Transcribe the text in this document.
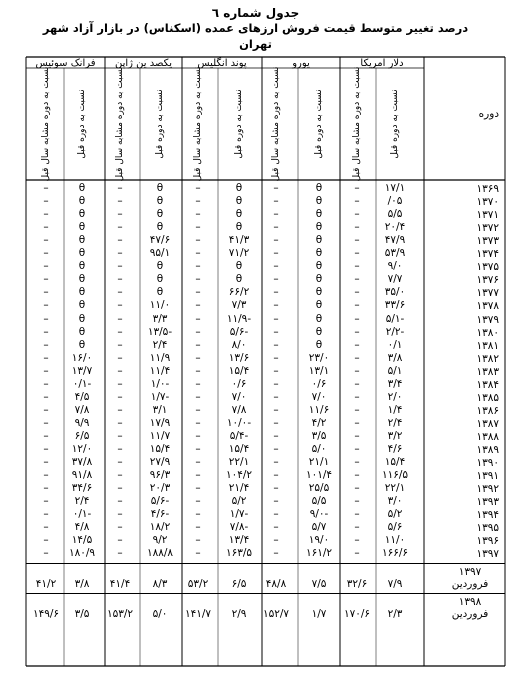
جدول شماره ٦
درصد تغییر متوسط قیمت فروش ارزهای عمده (اسکناس) در بازار آزاد شهر
تهران
دوره
دلار امریکا
یورو
پوند انگلیس
یکصد ین ژاپن
فرانک سوئیس
نسبت به دوره قبل
نسبت به دوره مشابه سال قبل
نسبت به دوره قبل
نسبت به دوره مشابه سال قبل
نسبت به دوره قبل
نسبت به دوره مشابه سال قبل
نسبت به دوره قبل
نسبت به دوره مشابه سال قبل
نسبت به دوره قبل
نسبت به دوره مشابه سال قبل
۱۳۶۹
۱۷/۱
–
θ
–
θ
–
θ
–
θ
–
۱۳۷۰
۰۵/
–
θ
–
θ
–
θ
–
θ
–
۱۳۷۱
۵/۵
–
θ
–
θ
–
θ
–
θ
–
۱۳۷۲
۲۰/۴
–
θ
–
θ
–
θ
–
θ
–
۱۳۷۳
۴۷/۹
–
θ
–
۴۱/۳
–
۴۷/۶
–
θ
–
۱۳۷۴
۵۳/۹
–
θ
–
۷۱/۲
–
۹۵/۱
–
θ
–
۱۳۷۵
۹/۰
–
θ
–
θ
–
θ
–
θ
–
۱۳۷۶
۷/۷
–
θ
–
θ
–
θ
–
θ
–
۱۳۷۷
۳۵/۰
–
θ
–
۶۶/۲
–
θ
–
θ
–
۱۳۷۸
۳۳/۶
–
θ
–
۷/۳
–
۱۱/۰
–
θ
–
۱۳۷۹
-۵/۱
–
θ
–
-۱۱/۹
–
۳/۳
–
θ
–
۱۳۸۰
-۲/۲
–
θ
–
-۵/۶
–
-۱۳/۵
–
θ
–
۱۳۸۱
۰/۱
–
θ
–
۸/۰
–
۲/۴
–
θ
–
۱۳۸۲
۳/۸
–
۲۳/۰
–
۱۳/۶
–
۱۱/۹
–
۱۶/۰
–
۱۳۸۳
۵/۱
–
۱۳/۱
–
۱۵/۴
–
۱۱/۴
–
۱۳/۷
–
۱۳۸۴
۳/۴
–
۰/۶
–
۰/۶
–
-۱/۰
–
-۰/۱
–
۱۳۸۵
۲/۰
–
۷/۰
–
۷/۰
–
-۱/۷
–
۴/۵
–
۱۳۸۶
۱/۴
–
۱۱/۶
–
۷/۸
–
۳/۱
–
۷/۸
–
۱۳۸۷
۲/۴
–
۴/۲
–
-۱۰/۰
–
۱۷/۹
–
۹/۹
–
۱۳۸۸
۳/۲
–
۳/۵
–
-۵/۴
–
۱۱/۷
–
۶/۵
–
۱۳۸۹
۴/۶
–
۵/۰
–
۱۵/۴
–
۱۵/۴
–
۱۲/۰
–
۱۳۹۰
۱۵/۴
–
۲۱/۱
–
۲۲/۱
–
۲۷/۹
–
۳۷/۸
–
۱۳۹۱
۱۱۶/۵
–
۱۰۱/۴
–
۱۰۴/۲
–
۹۶/۳
–
۹۱/۸
–
۱۳۹۲
۲۲/۱
–
۲۵/۵
–
۲۱/۴
–
۲۰/۳
–
۳۴/۶
–
۱۳۹۳
۳/۰
–
۵/۵
–
۵/۲
–
-۵/۶
–
۲/۴
–
۱۳۹۴
۵/۲
–
-۹/۰
–
-۱/۷
–
-۴/۶
–
-۰/۱
–
۱۳۹۵
۵/۶
–
۵/۷
–
-۷/۸
–
۱۸/۲
–
۴/۸
–
۱۳۹۶
۱۱/۰
–
۱۹/۰
–
۱۳/۴
–
۹/۲
–
۱۴/۵
–
۱۳۹۷
۱۶۶/۶
–
۱۶۱/۲
–
۱۶۳/۵
–
۱۸۸/۸
–
۱۸۰/۹
–
۱۳۹۷
فروردین
۷/۹
۳۲/۶
۷/۵
۴۸/۸
۶/۵
۵۳/۲
۸/۳
۴۱/۴
۳/۸
۴۱/۲
۱۳۹۸
فروردین
۲/۳
۱۷۰/۶
۱/۷
۱۵۲/۷
۲/۹
۱۴۱/۷
۵/۰
۱۵۳/۲
۳/۵
۱۴۹/۶
